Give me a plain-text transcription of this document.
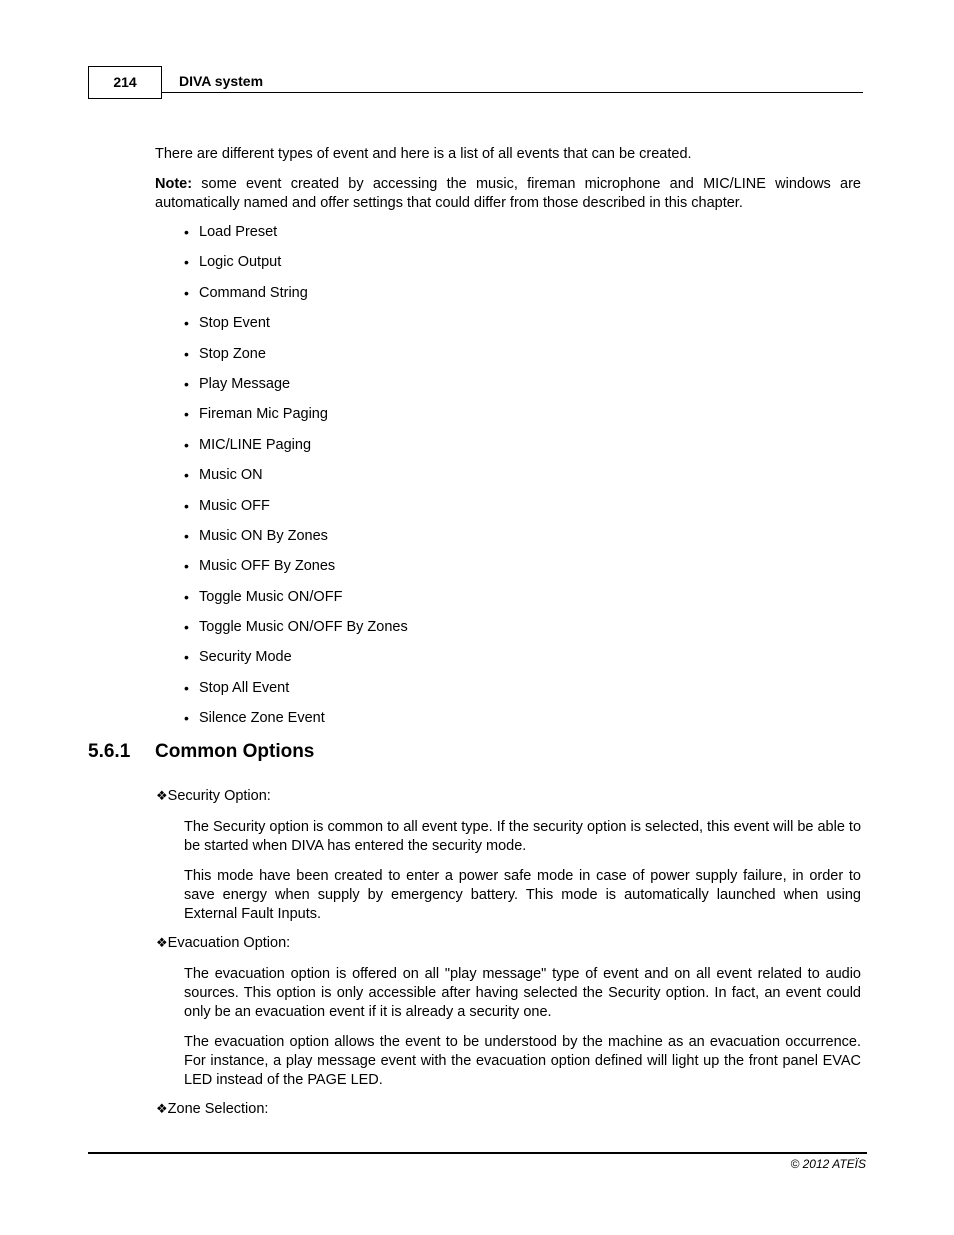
214	DIVA system

There are different types of event and here is a list of all events that can be created.

Note: some event created by accessing the music, fireman microphone and MIC/LINE windows are automatically named and offer settings that could differ from those described in this chapter.

• Load Preset
• Logic Output
• Command String
• Stop Event
• Stop Zone
• Play Message
• Fireman Mic Paging
• MIC/LINE Paging
• Music ON
• Music OFF
• Music ON By Zones
• Music OFF By Zones
• Toggle Music ON/OFF
• Toggle Music ON/OFF By Zones
• Security Mode
• Stop All Event
• Silence Zone Event
5.6.1 Common Options
❖Security Option:

The Security option is common to all event type. If the security option is selected, this event will be able to be started when DIVA has entered the security mode.

This mode have been created to enter a power safe mode in case of power supply failure, in order to save energy when supply by emergency battery. This mode is automatically launched when using External Fault Inputs.

❖Evacuation Option:

The evacuation option is offered on all "play message" type of event and on all event related to audio sources. This option is only accessible after having selected the Security option. In fact, an event could only be an evacuation event if it is already a security one.

The evacuation option allows the event to be understood by the machine as an evacuation occurrence. For instance, a play message event with the evacuation option defined will light up the front panel EVAC LED instead of the PAGE LED.

❖Zone Selection:
© 2012 ATEÏS
